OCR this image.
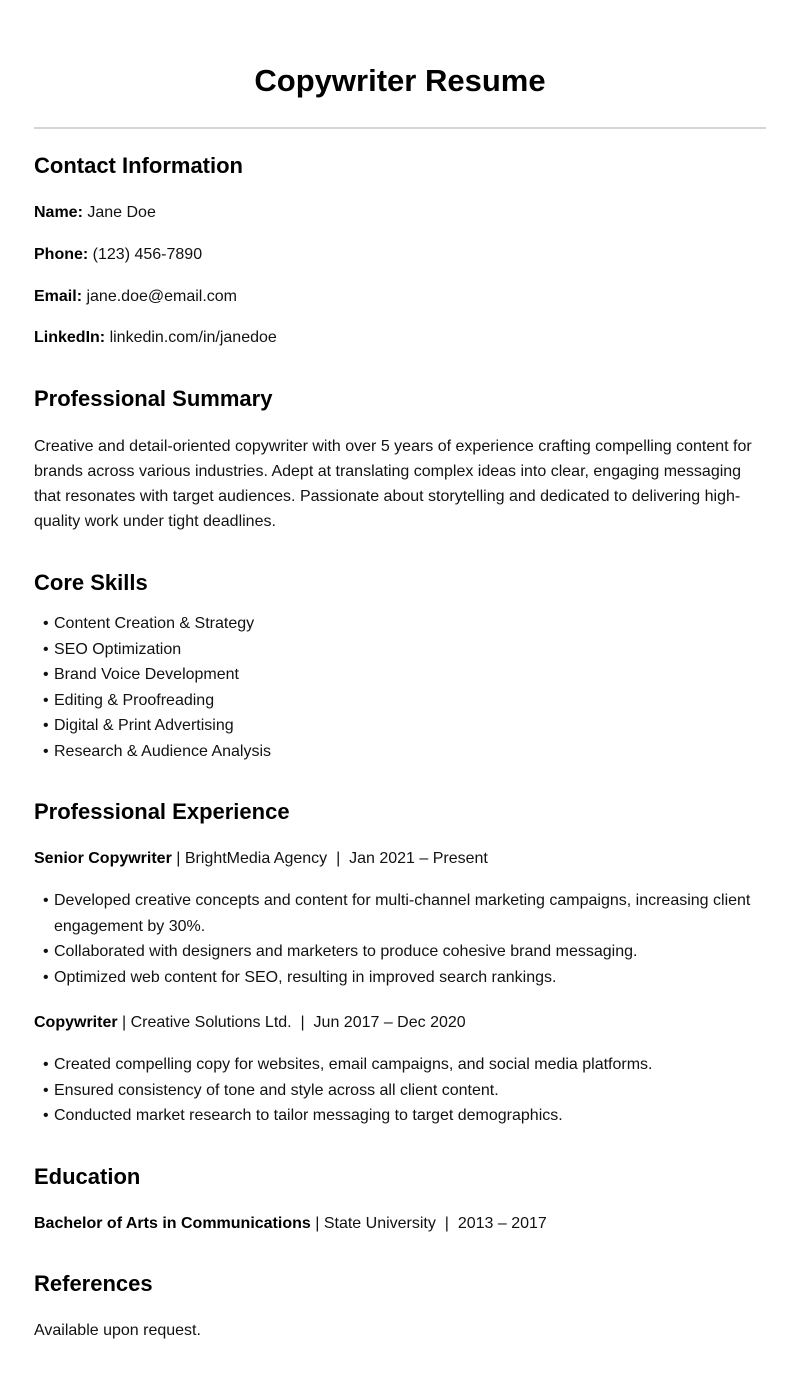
Copywriter Resume
Contact Information
Name: Jane Doe
Phone: (123) 456-7890
Email: jane.doe@email.com
LinkedIn: linkedin.com/in/janedoe
Professional Summary
Creative and detail-oriented copywriter with over 5 years of experience crafting compelling content for brands across various industries. Adept at translating complex ideas into clear, engaging messaging that resonates with target audiences. Passionate about storytelling and dedicated to delivering high-quality work under tight deadlines.
Core Skills
• Content Creation & Strategy
• SEO Optimization
• Brand Voice Development
• Editing & Proofreading
• Digital & Print Advertising
• Research & Audience Analysis
Professional Experience
Senior Copywriter | BrightMedia Agency  |  Jan 2021 – Present
• Developed creative concepts and content for multi-channel marketing campaigns, increasing client engagement by 30%.
• Collaborated with designers and marketers to produce cohesive brand messaging.
• Optimized web content for SEO, resulting in improved search rankings.
Copywriter | Creative Solutions Ltd.  |  Jun 2017 – Dec 2020
• Created compelling copy for websites, email campaigns, and social media platforms.
• Ensured consistency of tone and style across all client content.
• Conducted market research to tailor messaging to target demographics.
Education
Bachelor of Arts in Communications | State University  |  2013 – 2017
References
Available upon request.
